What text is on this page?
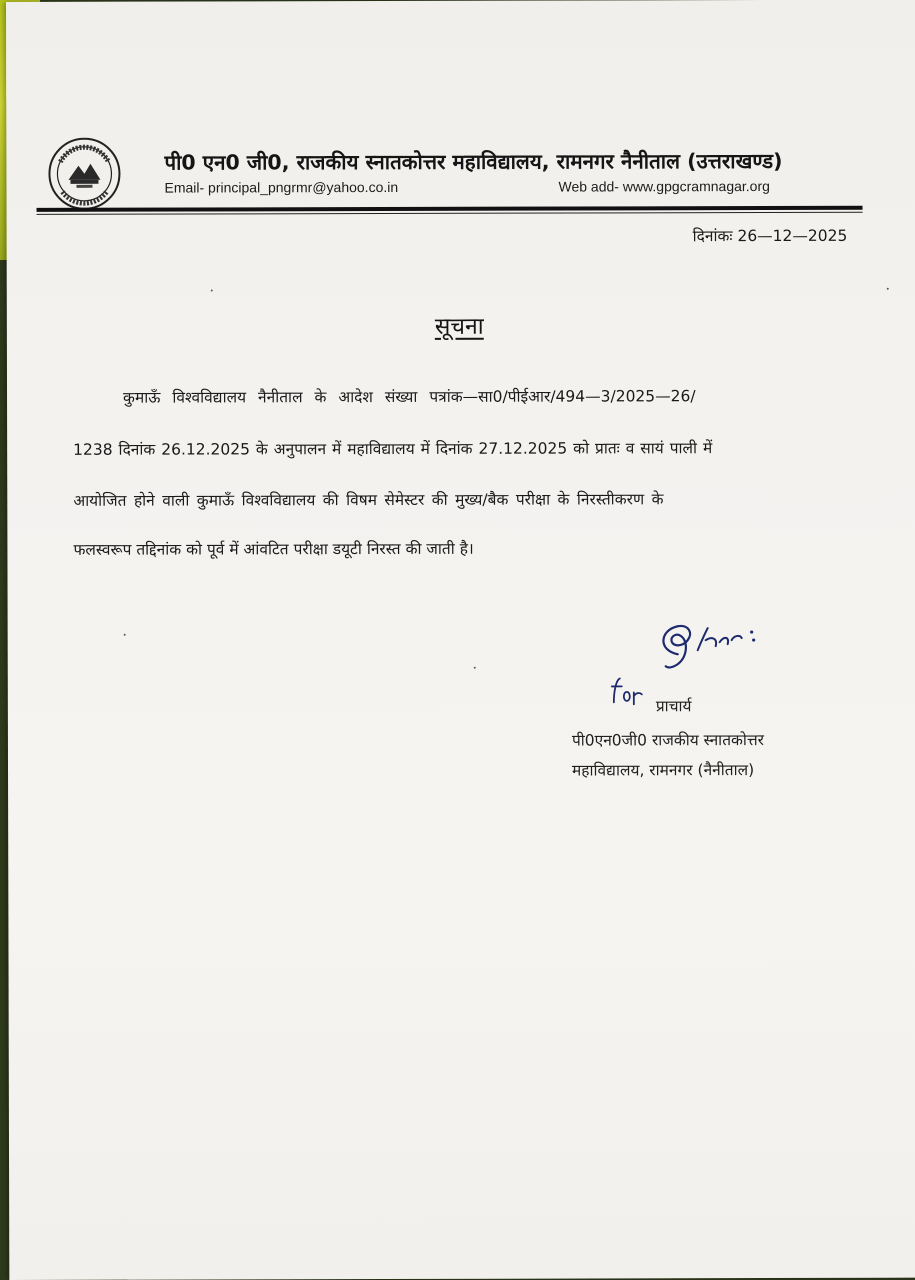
पी0 एन0 जी0, राजकीय स्नातकोत्तर महाविद्यालय, रामनगर नैनीताल (उत्तराखण्ड)
Email- principal_pngrmr@yahoo.co.in	Web add- www.gpgcramnagar.org
दिनांकः 26—12—2025
सूचना
कुमाऊँ विश्वविद्यालय नैनीताल के आदेश संख्या पत्रांक—सा0/पीईआर/494—3/2025—26/
1238 दिनांक 26.12.2025 के अनुपालन में महाविद्यालय में दिनांक 27.12.2025 को प्रातः व सायं पाली में
आयोजित होने वाली कुमाऊँ विश्वविद्यालय की विषम सेमेस्टर की मुख्य/बैक परीक्षा के निरस्तीकरण के
फलस्वरूप तद्दिनांक को पूर्व में आंवटित परीक्षा डयूटी निरस्त की जाती है।
प्राचार्य
पी0एन0जी0 राजकीय स्नातकोत्तर
महाविद्यालय, रामनगर (नैनीताल)
